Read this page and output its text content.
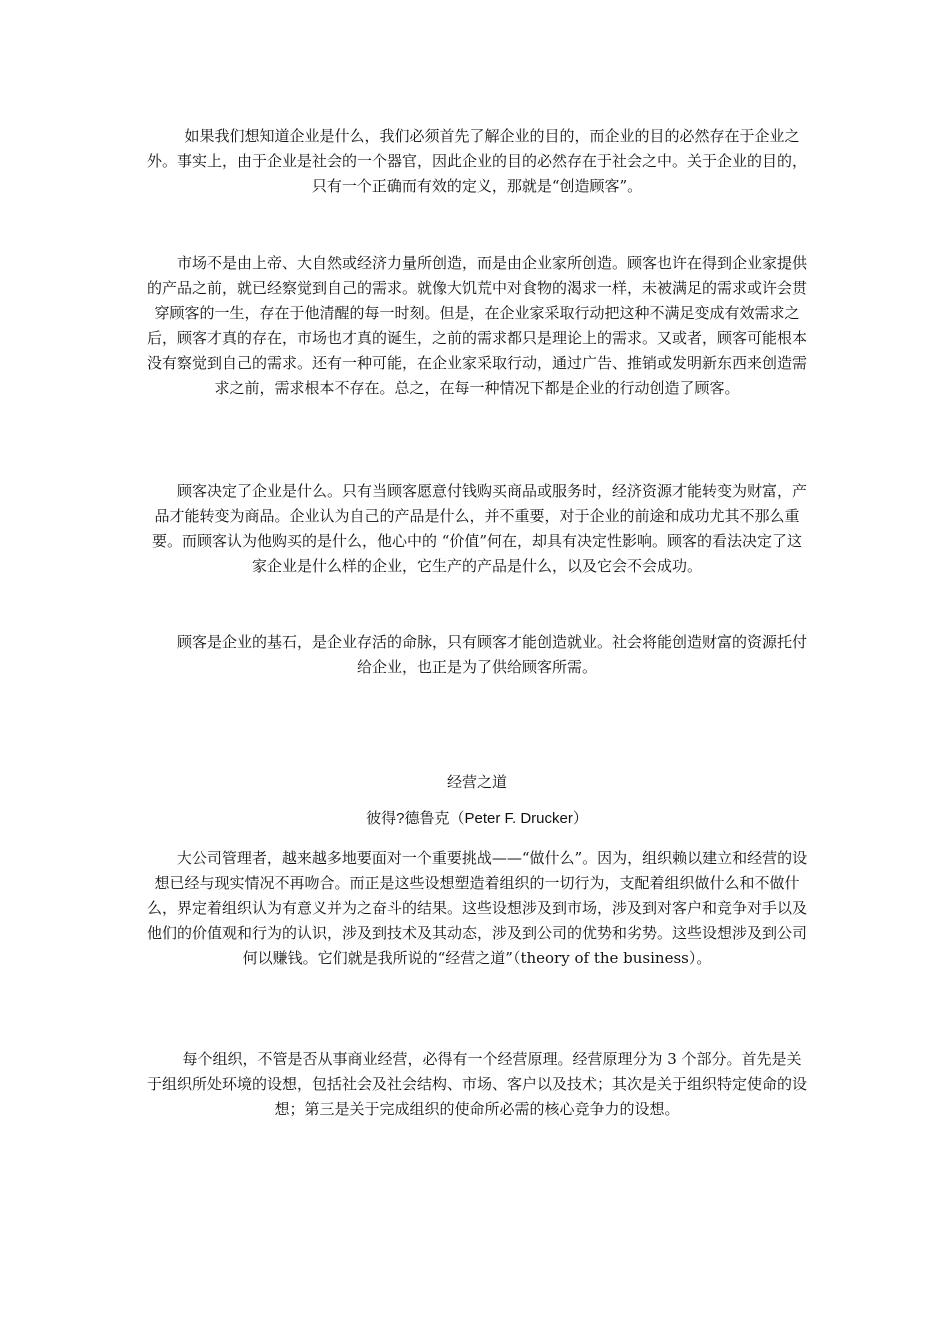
如果我们想知道企业是什么，我们必须首先了解企业的目的，而企业的目的必然存在于企业之外。事实上，由于企业是社会的一个器官，因此企业的目的必然存在于社会之中。关于企业的目的，只有一个正确而有效的定义，那就是“创造顾客”。

市场不是由上帝、大自然或经济力量所创造，而是由企业家所创造。顾客也许在得到企业家提供的产品之前，就已经察觉到自己的需求。就像大饥荒中对食物的渴求一样，未被满足的需求或许会贯穿顾客的一生，存在于他清醒的每一时刻。但是，在企业家采取行动把这种不满足变成有效需求之后，顾客才真的存在，市场也才真的诞生，之前的需求都只是理论上的需求。又或者，顾客可能根本没有察觉到自己的需求。还有一种可能，在企业家采取行动，通过广告、推销或发明新东西来创造需求之前，需求根本不存在。总之，在每一种情况下都是企业的行动创造了顾客。

顾客决定了企业是什么。只有当顾客愿意付钱购买商品或服务时，经济资源才能转变为财富，产品才能转变为商品。企业认为自己的产品是什么，并不重要，对于企业的前途和成功尤其不那么重要。而顾客认为他购买的是什么，他心中的 “价值”何在，却具有决定性影响。顾客的看法决定了这家企业是什么样的企业，它生产的产品是什么，以及它会不会成功。

顾客是企业的基石，是企业存活的命脉，只有顾客才能创造就业。社会将能创造财富的资源托付给企业，也正是为了供给顾客所需。

经营之道
彼得?德鲁克（Peter F. Drucker）

大公司管理者，越来越多地要面对一个重要挑战——“做什么”。因为，组织赖以建立和经营的设想已经与现实情况不再吻合。而正是这些设想塑造着组织的一切行为，支配着组织做什么和不做什么，界定着组织认为有意义并为之奋斗的结果。这些设想涉及到市场，涉及到对客户和竞争对手以及他们的价值观和行为的认识，涉及到技术及其动态，涉及到公司的优势和劣势。这些设想涉及到公司何以赚钱。它们就是我所说的“经营之道”（theory of the business）。

每个组织，不管是否从事商业经营，必得有一个经营原理。经营原理分为 3 个部分。首先是关于组织所处环境的设想，包括社会及社会结构、市场、客户以及技术；其次是关于组织特定使命的设想；第三是关于完成组织的使命所必需的核心竞争力的设想。
